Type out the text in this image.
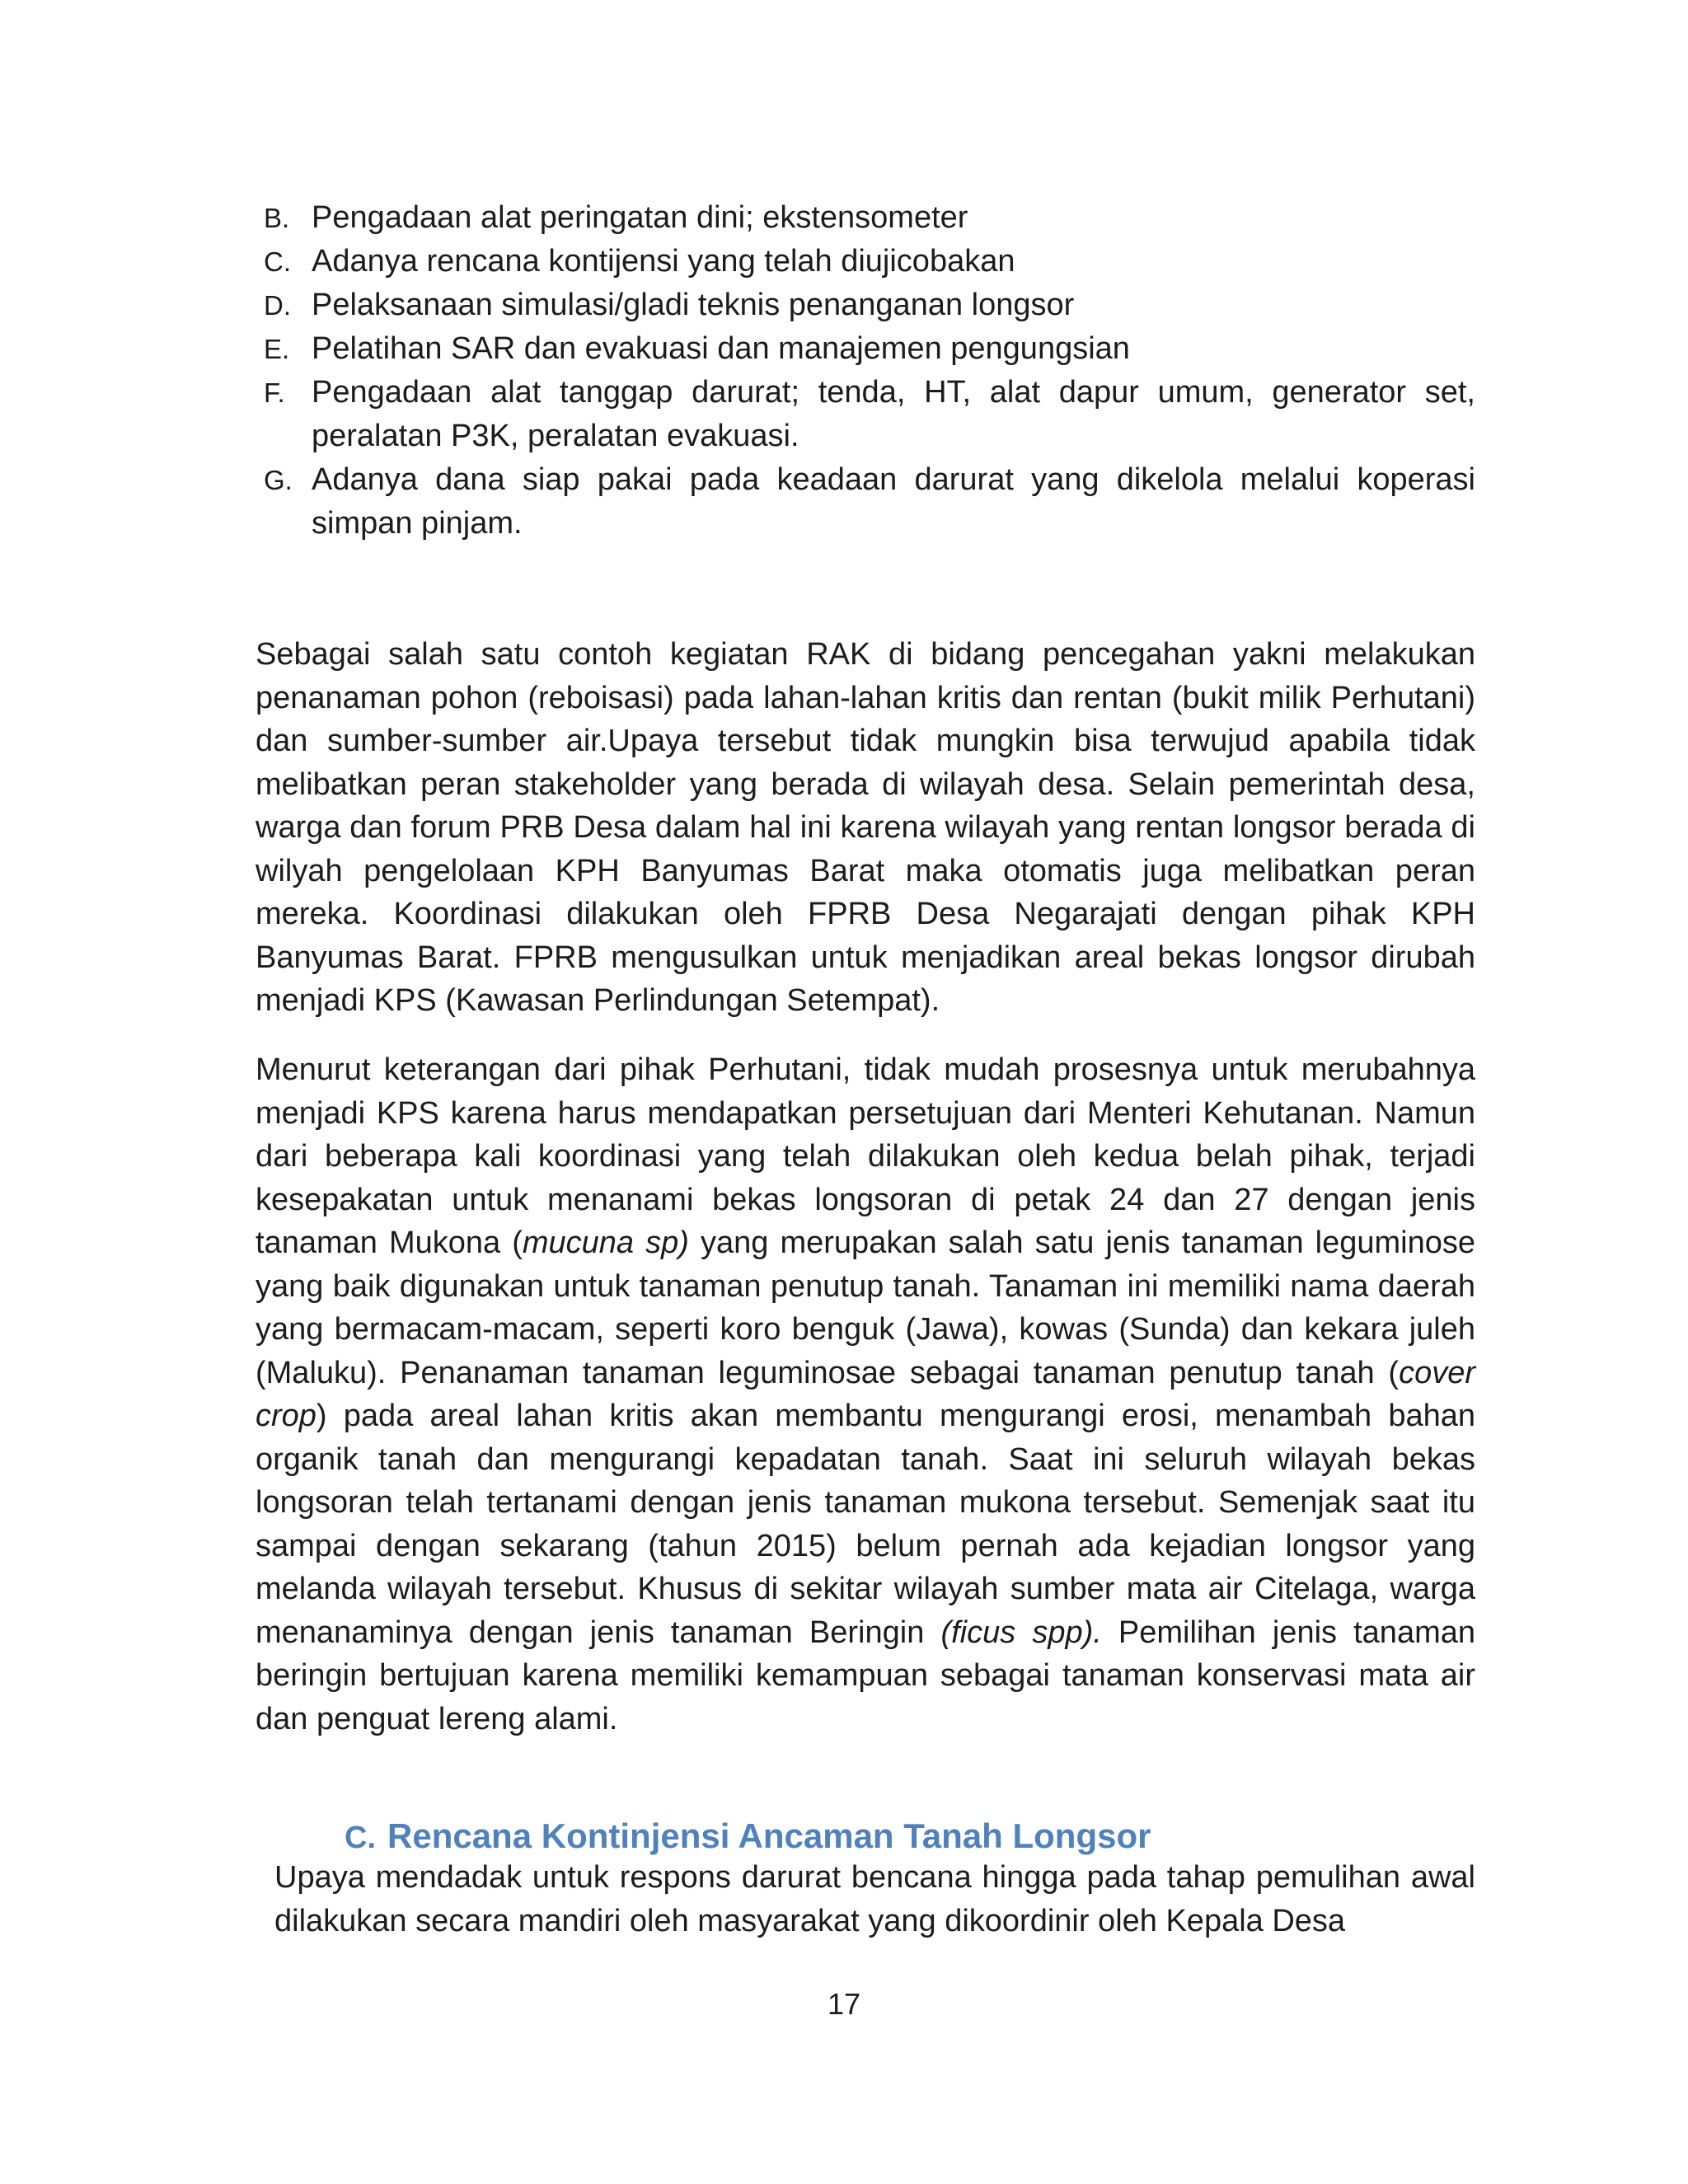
B. Pengadaan alat peringatan dini; ekstensometer
C. Adanya rencana kontijensi yang telah diujicobakan
D. Pelaksanaan simulasi/gladi teknis penanganan longsor
E. Pelatihan SAR dan evakuasi dan manajemen pengungsian
F. Pengadaan alat tanggap darurat; tenda, HT, alat dapur umum, generator set, peralatan P3K, peralatan evakuasi.
G. Adanya dana siap pakai pada keadaan darurat yang dikelola melalui koperasi simpan pinjam.

Sebagai salah satu contoh kegiatan RAK di bidang pencegahan yakni melakukan penanaman pohon (reboisasi) pada lahan-lahan kritis dan rentan (bukit milik Perhutani) dan sumber-sumber air.Upaya tersebut tidak mungkin bisa terwujud apabila tidak melibatkan peran stakeholder yang berada di wilayah desa. Selain pemerintah desa, warga dan forum PRB Desa dalam hal ini karena wilayah yang rentan longsor berada di wilyah pengelolaan KPH Banyumas Barat maka otomatis juga melibatkan peran mereka. Koordinasi dilakukan oleh FPRB Desa Negarajati dengan pihak KPH Banyumas Barat. FPRB mengusulkan untuk menjadikan areal bekas longsor dirubah menjadi KPS (Kawasan Perlindungan Setempat).

Menurut keterangan dari pihak Perhutani, tidak mudah prosesnya untuk merubahnya menjadi KPS karena harus mendapatkan persetujuan dari Menteri Kehutanan. Namun dari beberapa kali koordinasi yang telah dilakukan oleh kedua belah pihak, terjadi kesepakatan untuk menanami bekas longsoran di petak 24 dan 27 dengan jenis tanaman Mukona (mucuna sp) yang merupakan salah satu jenis tanaman leguminose yang baik digunakan untuk tanaman penutup tanah. Tanaman ini memiliki nama daerah yang bermacam-macam, seperti koro benguk (Jawa), kowas (Sunda) dan kekara juleh (Maluku). Penanaman tanaman leguminosae sebagai tanaman penutup tanah (cover crop) pada areal lahan kritis akan membantu mengurangi erosi, menambah bahan organik tanah dan mengurangi kepadatan tanah. Saat ini seluruh wilayah bekas longsoran telah tertanami dengan jenis tanaman mukona tersebut. Semenjak saat itu sampai dengan sekarang (tahun 2015) belum pernah ada kejadian longsor yang melanda wilayah tersebut. Khusus di sekitar wilayah sumber mata air Citelaga, warga menanaminya dengan jenis tanaman Beringin (ficus spp). Pemilihan jenis tanaman beringin bertujuan karena memiliki kemampuan sebagai tanaman konservasi mata air dan penguat lereng alami.

C. Rencana Kontinjensi Ancaman Tanah Longsor

Upaya mendadak untuk respons darurat bencana hingga pada tahap pemulihan awal dilakukan secara mandiri oleh masyarakat yang dikoordinir oleh Kepala Desa

17
